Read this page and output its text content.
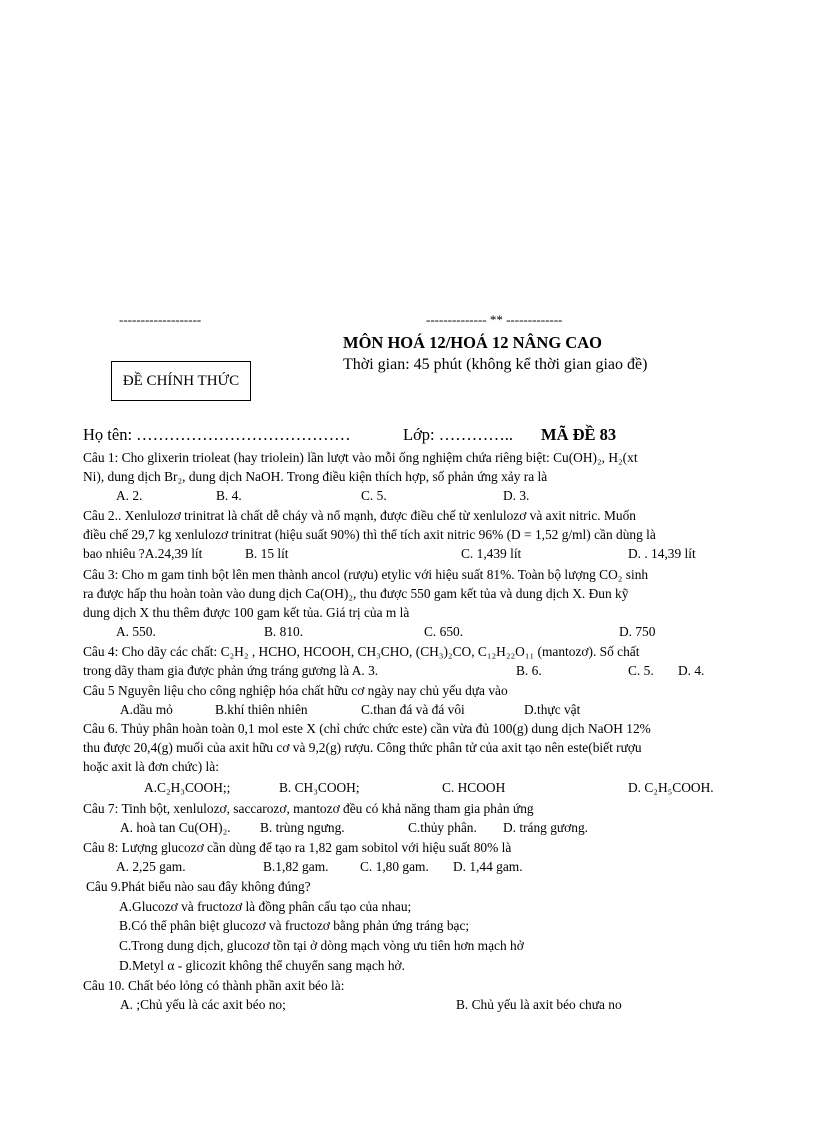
-------------------	-------------- ** -------------
MÔN HOÁ 12/HOÁ 12 NÂNG CAO
ĐỀ CHÍNH THỨC
Thời gian: 45 phút (không kể thời gian giao đề)
Họ tên: …………………………………	Lớp: ………….. MÃ ĐỀ 83
Câu 1: Cho glixerin trioleat (hay triolein) lần lượt vào mỗi ống nghiệm chứa riêng biệt: Cu(OH)₂, H₂(xt
Ni), dung dịch Br₂, dung dịch NaOH. Trong điều kiện thích hợp, số phản ứng xảy ra là
A. 2.	B. 4.	C. 5.	D. 3.
Câu 2.. Xenlulozơ trinitrat là chất dễ cháy và nổ mạnh, được điều chế từ xenlulozơ và axit nitric. Muốn
điều chế 29,7 kg xenlulozơ trinitrat (hiệu suất 90%) thì thể tích axit nitric 96% (D = 1,52 g/ml) cần dùng là
bao nhiêu ?A.24,39 lít	B. 15 lít	C. 1,439 lít	D. . 14,39 lít
Câu 3: Cho m gam tinh bột lên men thành ancol (rượu) etylic với hiệu suất 81%. Toàn bộ lượng CO₂ sinh
ra được hấp thu hoàn toàn vào dung dịch Ca(OH)₂, thu được 550 gam kết tủa và dung dịch X. Đun kỹ
dung dịch X thu thêm được 100 gam kết tủa. Giá trị của m là
A. 550.	B. 810.	C. 650.	D. 750
Câu 4: Cho dãy các chất: C₂H₂ , HCHO, HCOOH, CH₃CHO, (CH₃)₂CO, C₁₂H₂₂O₁₁ (mantozơ). Số chất
trong dãy tham gia được phản ứng tráng gương là A. 3.	B. 6.	C. 5. D. 4.
Câu 5 Nguyên liệu cho công nghiệp hóa chất hữu cơ ngày nay chủ yếu dựa vào
A.dầu mỏ	B.khí thiên nhiên	C.than đá và đá vôi	D.thực vật
Câu 6. Thủy phân hoàn toàn 0,1 mol este X (chỉ chức chức este) cần vừa đủ 100(g) dung dịch NaOH 12%
thu được 20,4(g) muối của axit hữu cơ và 9,2(g) rượu. Công thức phân tử của axit tạo nên este(biết rượu
hoặc axit là đơn chức) là:
A.C₂H₃COOH;;	B. CH₃COOH;	C. HCOOH	D. C₂H₅COOH.
Câu 7: Tinh bột, xenlulozơ, saccarozơ, mantozơ đều có khả năng tham gia phản ứng
A. hoà tan Cu(OH)₂. B. trùng ngưng.	C.thủy phân. D. tráng gương.
Câu 8: Lượng glucozơ cần dùng để tạo ra 1,82 gam sobitol với hiệu suất 80% là
A. 2,25 gam.	B.1,82 gam. C. 1,80 gam. D. 1,44 gam.
Câu 9.Phát biểu nào sau đây không đúng?
A.Glucozơ và fructozơ là đồng phân cấu tạo của nhau;
B.Có thể phân biệt glucozơ và fructozơ bằng phản ứng tráng bạc;
C.Trong dung dịch, glucozơ tồn tại ở dòng mạch vòng ưu tiên hơn mạch hở
D.Metyl α - glicozit không thể chuyển sang mạch hở.
Câu 10. Chất béo lỏng có thành phần axit béo là:
A. ;Chủ yếu là các axit béo no;	B. Chủ yếu là axit béo chưa no
